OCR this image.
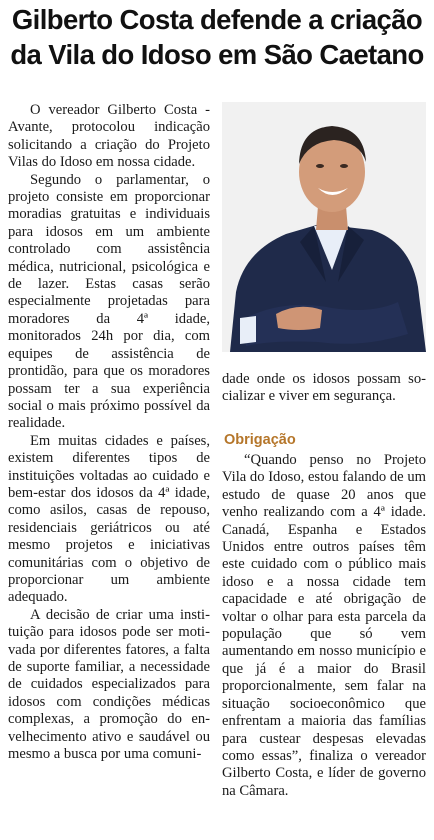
Gilberto Costa defende a criação da Vila do Idoso em São Caetano

O vereador Gilberto Costa - Avante, protocolou indicação solicitando a criação do Projeto Vilas do Idoso em nossa cidade.

Segundo o parlamentar, o projeto consiste em proporcionar moradias gratuitas e individuais para idosos em um ambiente controlado com assistência médica, nutricional, psicológica e de lazer. Estas casas serão especialmente projetadas para moradores da 4ª idade, monitorados 24h por dia, com equipes de assistência de prontidão, para que os moradores possam ter a sua experiência social o mais próximo possível da realidade.

Em muitas cidades e países, existem diferentes tipos de instituições voltadas ao cuidado e bem-estar dos idosos da 4ª idade, como asilos, casas de repouso, residenciais geriátricos ou até mesmo projetos e iniciativas comunitárias com o objetivo de proporcionar um ambiente adequado.

A decisão de criar uma instituição para idosos pode ser motivada por diferentes fatores, a falta de suporte familiar, a necessidade de cuidados especializados para idosos com condições médicas complexas, a promoção do envelhecimento ativo e saudável ou mesmo a busca por uma comuni-

dade onde os idosos possam socializar e viver em segurança.

Obrigação

“Quando penso no Projeto Vila do Idoso, estou falando de um estudo de quase 20 anos que venho realizando com a 4ª idade. Canadá, Espanha e Estados Unidos entre outros países têm este cuidado com o público mais idoso e a nossa cidade tem capacidade e até obrigação de voltar o olhar para esta parcela da população que só vem aumentando em nosso município e que já é a maior do Brasil proporcionalmente, sem falar na situação socioeconômico que enfrentam a maioria das famílias para custear despesas elevadas como essas”, finaliza o vereador Gilberto Costa, e líder de governo na Câmara.
